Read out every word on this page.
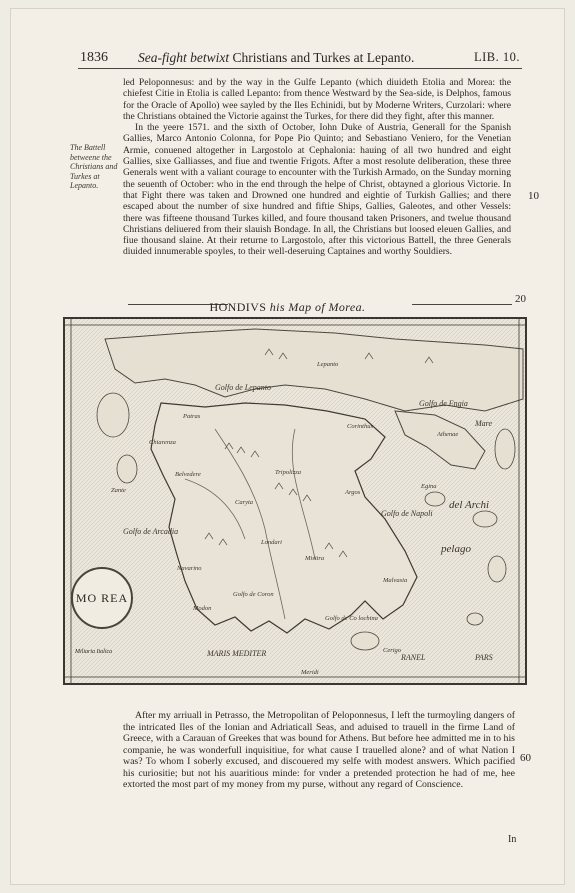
1836 Sea-fight betwixt Christians and Turkes at Lepanto.	LIB. 10.
The Battell betweene the Christians and Turkes at Lepanto.

led Peloponnesus: and by the way in the Gulfe Lepanto (which diuideth Etolia and Morea: the chiefest Citie in Etolia is called Lepanto: from thence Westward by the Sea-side, is Delphos, famous for the Oracle of Apollo) wee sayled by the Iles Echinidi, but by Moderne Writers, Curzolari: where the Christians obtained the Victorie against the Turkes, for there did they fight, after this manner.

In the yeere 1571. and the sixth of October, Iohn Duke of Austria, Generall for the Spanish Gallies, Marco Antonio Colonna, for Pope Pio Quinto; and Sebastiano Veniero, for the Venetian Armie, conuened altogether in Largostolo at Cephalonia: hauing of all two hundred and eight Gallies, sixe Galliasses, and fiue and twentie Frigots. After a most resolute deliberation, these three Generals went with a valiant courage to encounter with the Turkish Armado, on the Sunday morning the seuenth of October: who in the end through the helpe of Christ, obtayned a glorious Victorie. In that Fight there was taken and Drowned one hundred and eightie of Turkish Gallies; and there escaped about the number of sixe hundred and fiftie Ships, Gallies, Galeotes, and other Vessels: there was fifteene thousand Turkes killed, and foure thousand taken Prisoners, and twelue thousand Christians deliuered from their slauish Bondage. In all, the Christians but loosed eleuen Gallies, and fiue thousand slaine. At their returne to Largostolo, after this victorious Battell, the three Generals diuided innumerable spoyles, to their well-deseruing Captaines and worthy Souldiers.

10
20
60
HONDIVS his Map of Morea.
Golfo de Lepanto
Lepanto
Patras
Corinthus
Golfo de Engia
Mare
Athenae
del Archi
pelago
Golfo de Napoli
Egina
Argos
Tripolizza
Caryta
Chiarenza
Belvedere
Londari
Misitra
Malvasia
Golfo de Arcadia
Navarino
Modon
Golfo de Coron
Golfo de Co lochina
Zante
Cerigo
MARIS MEDITER	RANEL	PARS
Meridi
MO REA
Miliaria Italica

After my arriuall in Petrasso, the Metropolitan of Peloponnesus, I left the turmoyling dangers of the intricated Iles of the Ionian and Adriaticall Seas, and aduised to trauell in the firme Land of Greece, with a Carauan of Greekes that was bound for Athens. But before hee admitted me in to his companie, he was wonderfull inquisitiue, for what cause I trauelled alone? and of what Nation I was? To whom I soberly excused, and discouered my selfe with modest answers. Which pacified his curiositie; but not his auaritious minde: for vnder a pretended protection he had of me, hee extorted the most part of my money from my purse, without any regard of Conscience.

In
